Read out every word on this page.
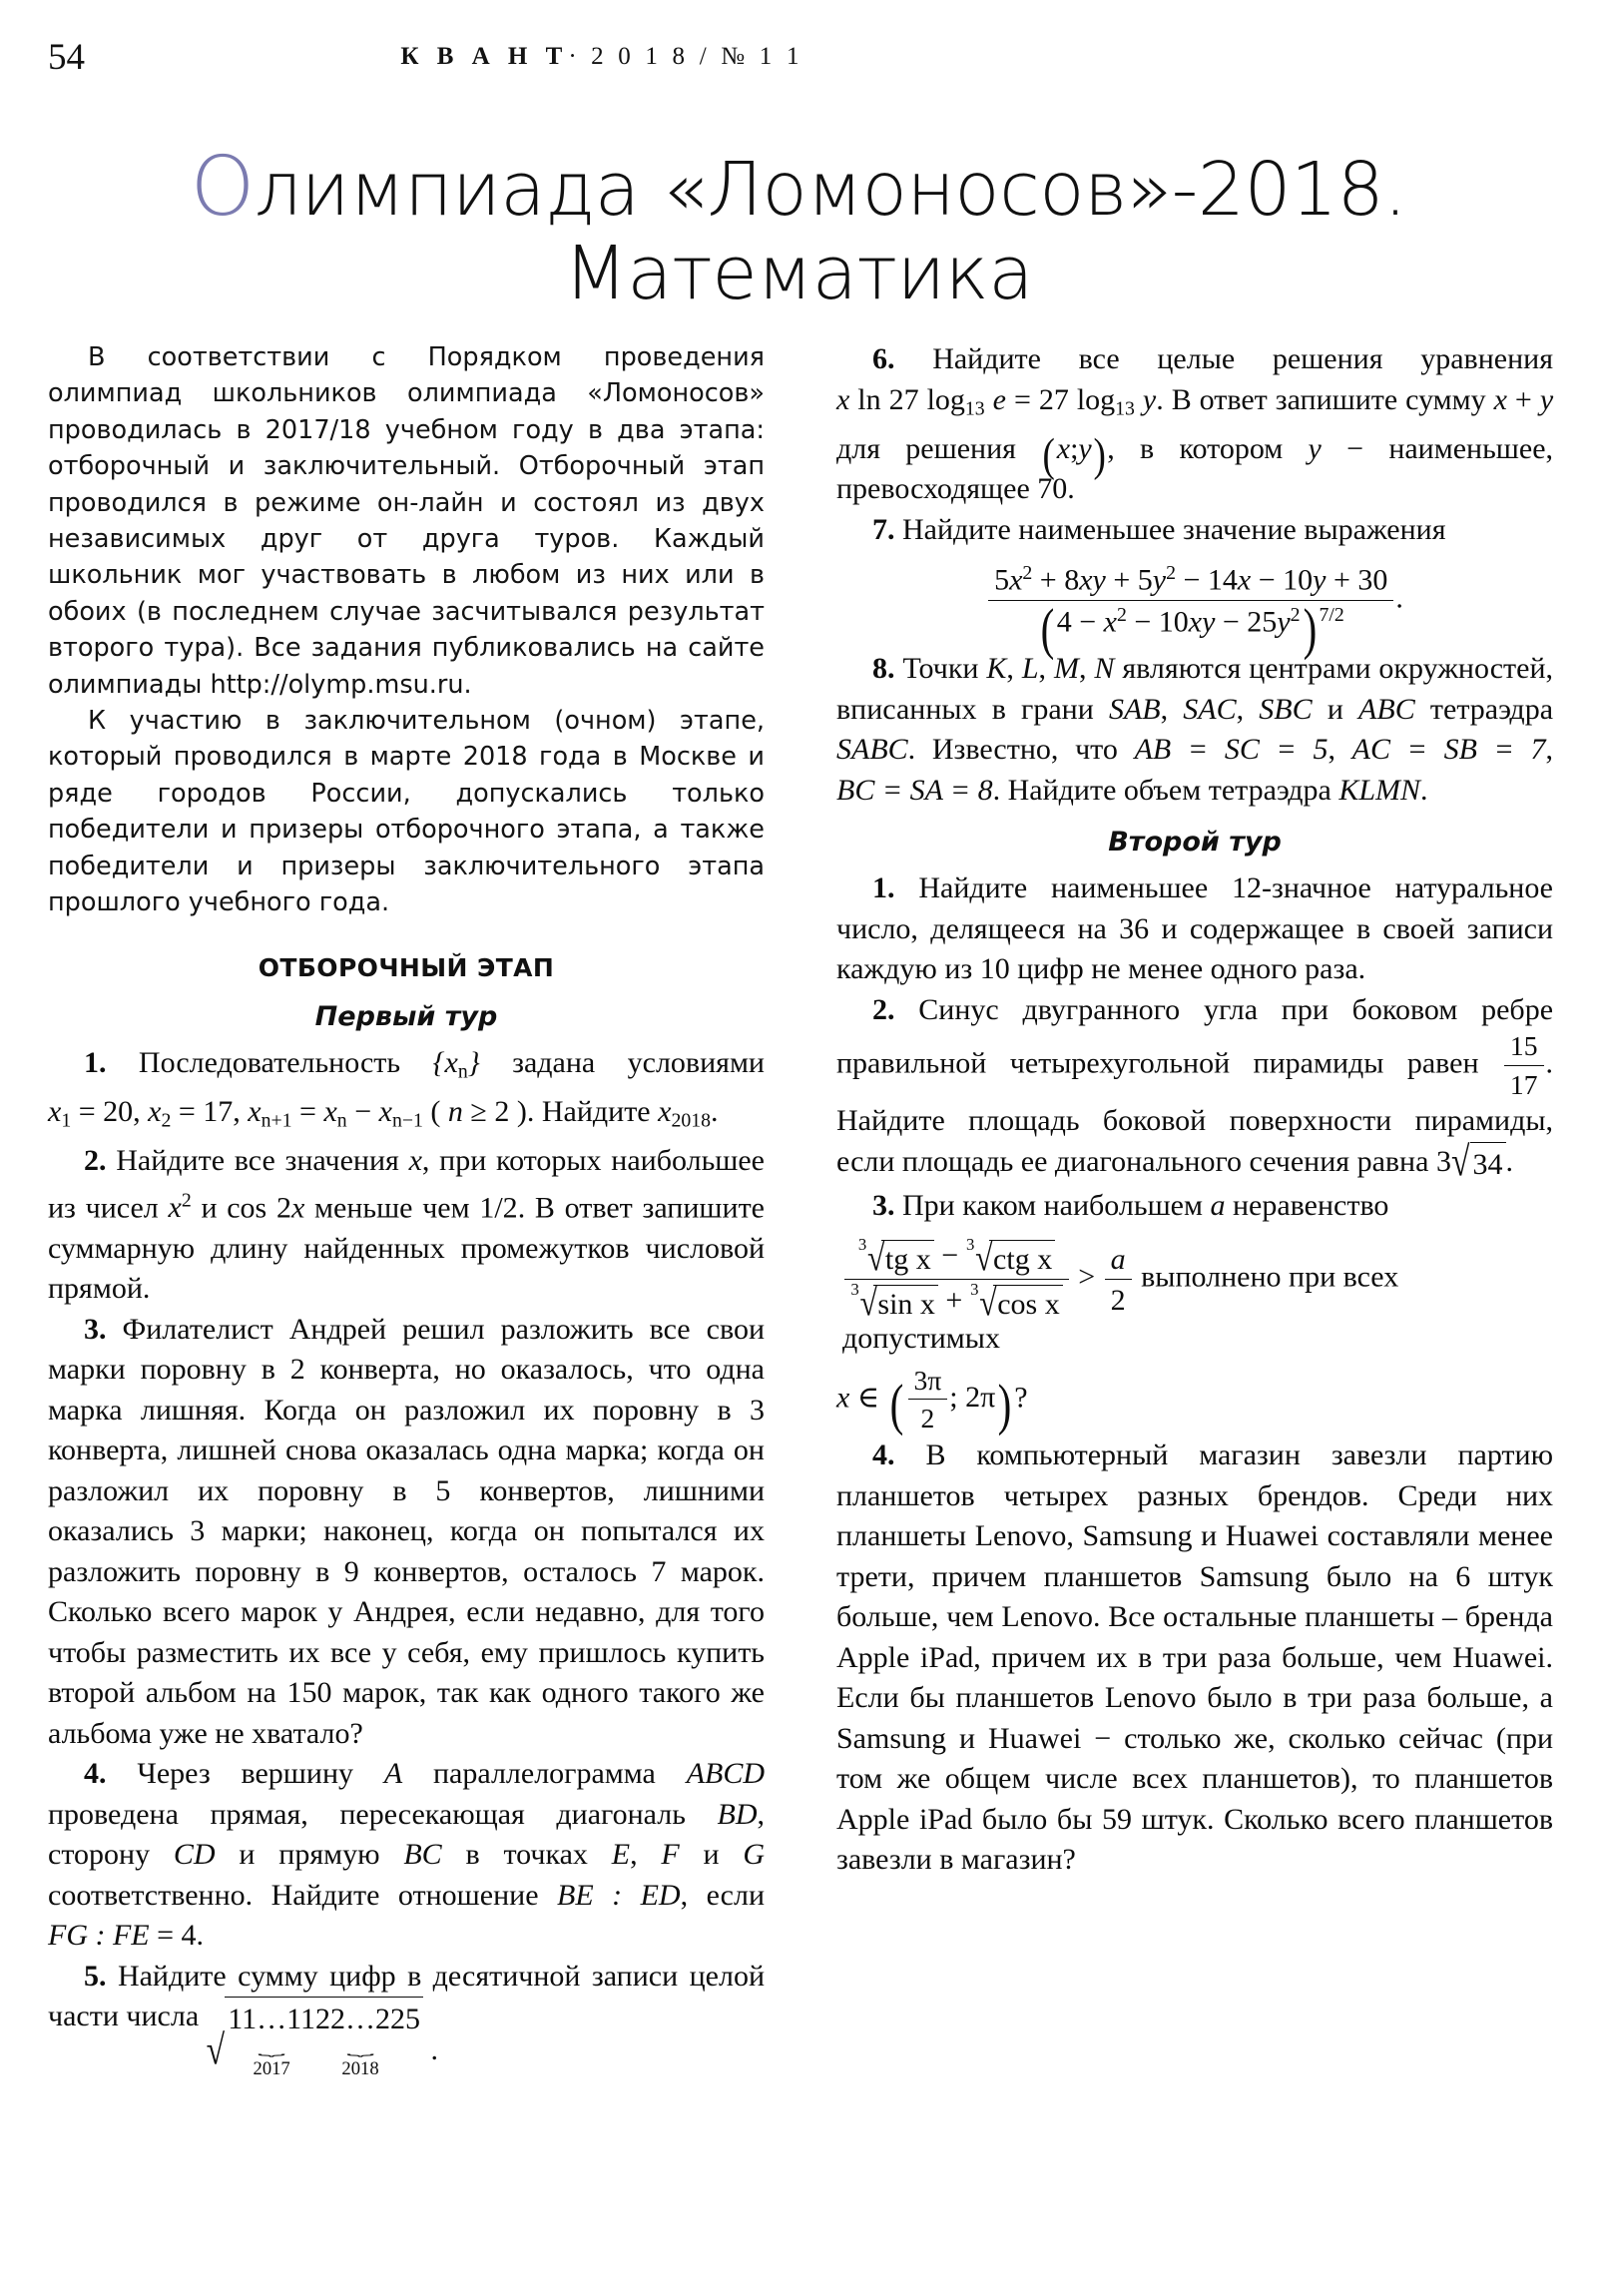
54	К В А Н Т· 2 0 1 8 / № 1 1
Олимпиада «Ломоносов»-2018.
Математика

В соответствии с Порядком проведения олимпиад школьников олимпиада «Ломоносов» проводилась в 2017/18 учебном году в два этапа: отборочный и заключительный. Отборочный этап проводился в режиме он-лайн и состоял из двух независимых друг от друга туров. Каждый школьник мог участвовать в любом из них или в обоих (в последнем случае засчитывался результат второго тура). Все задания публиковались на сайте олимпиады http://olymp.msu.ru.

К участию в заключительном (очном) этапе, который проводился в марте 2018 года в Москве и ряде городов России, допускались только победители и призеры отборочного этапа, а также победители и призеры заключительного этапа прошлого учебного года.

ОТБОРОЧНЫЙ ЭТАП
Первый тур

1. Последовательность $\{x_n\}$ задана условиями $x_1 = 20$, $x_2 = 17$, $x_{n+1} = x_n - x_{n-1}$ ( n ≥ 2 ). Найдите $x_{2018}$.

2. Найдите все значения x, при которых наибольшее из чисел $x^2$ и cos 2x меньше чем 1/2. В ответ запишите суммарную длину найденных промежутков числовой прямой.

3. Филателист Андрей решил разложить все свои марки поровну в 2 конверта, но оказалось, что одна марка лишняя. Когда он разложил их поровну в 3 конверта, лишней снова оказалась одна марка; когда он разложил их поровну в 5 конвертов, лишними оказались 3 марки; наконец, когда он попытался их разложить поровну в 9 конвертов, осталось 7 марок. Сколько всего марок у Андрея, если недавно, для того чтобы разместить их все у себя, ему пришлось купить второй альбом на 150 марок, так как одного такого же альбома уже не хватало?

4. Через вершину A параллелограмма ABCD проведена прямая, пересекающая диагональ BD, сторону CD и прямую BC в точках E, F и G соответственно. Найдите отношение BE : ED, если FG : FE = 4.

5. Найдите сумму цифр в десятичной записи целой части числа
√
11…11
⏟
2017
22…22
⏟
2018
5
.

6. Найдите все целые решения уравнения x ln 27 $\log_{13} e = 27$ $\log_{13} y$. В ответ запишите сумму x + y для решения (x;y), в котором y − наименьшее, превосходящее 70.

7. Найдите наименьшее значение выражения

$\frac{5x^2 + 8xy + 5y^2 - 14x - 10y + 30}{(4 - x^2 - 10xy - 25y^2) ^{7/2}}$ .

8. Точки K, L, M, N являются центрами окружностей, вписанных в грани SAB, SAC, SBC и ABC тетраэдра SABC. Известно, что AB = SC = 5, AC = SB = 7, BC = SA = 8. Найдите объем тетраэдра KLMN.

Второй тур

1. Найдите наименьшее 12-значное натуральное число, делящееся на 36 и содержащее в своей записи каждую из 10 цифр не менее одного раза.

2. Синус двугранного угла при боковом ребре правильной четырехугольной пирамиды равен $\frac{15}{17}$ . Найдите площадь боковой поверхности пирамиды, если площадь ее диагонального сечения равна 3 √ 34 .

3. При каком наибольшем a неравенство

$\frac{\text{3 √ tg x − 3 √ ctg x}}{\text{3 √ sin x + 3 √ cos x}} > \frac{a}{2}$ выполнено при всех допустимых

x ∈ ( $\frac{3\pi}{2}$ ; 2π)?

4. В компьютерный магазин завезли партию планшетов четырех разных брендов. Среди них планшеты Lenovo, Samsung и Huawei составляли менее трети, причем планшетов Samsung было на 6 штук больше, чем Lenovo. Все остальные планшеты – бренда Apple iPad, причем их в три раза больше, чем Huawei. Если бы планшетов Lenovo было в три раза больше, а Samsung и Huawei − столько же, сколько сейчас (при том же общем числе всех планшетов), то планшетов Apple iPad было бы 59 штук. Сколько всего планшетов завезли в магазин?
